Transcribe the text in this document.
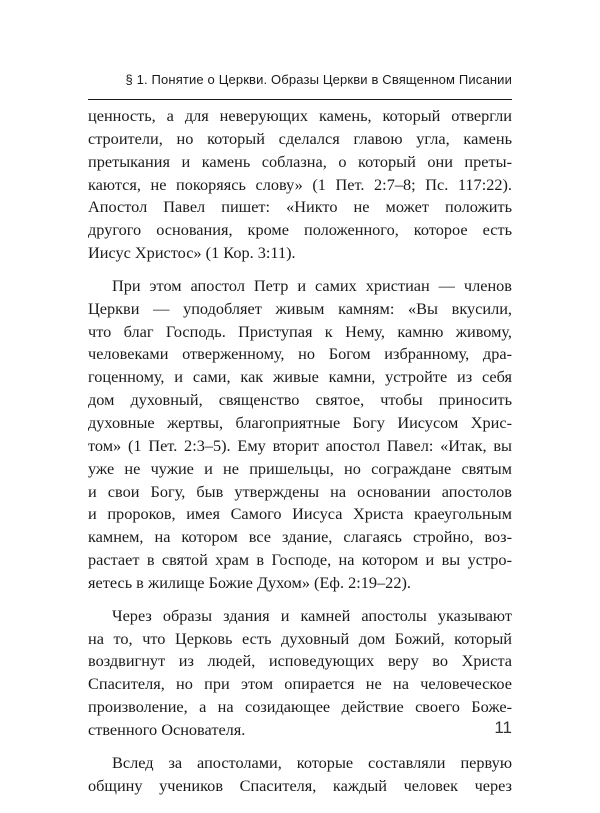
§ 1. Понятие о Церкви. Образы Церкви в Священном Писании
ценность, а для неверующих камень, который отвергли
строители, но который сделался главою угла, камень
претыкания и камень соблазна, о который они преты-
каются, не покоряясь слову» (1 Пет. 2:7–8; Пс. 117:22).
Апостол Павел пишет: «Никто не может положить
другого основания, кроме положенного, которое есть
Иисус Христос» (1 Кор. 3:11).
При этом апостол Петр и самих христиан — членов
Церкви — уподобляет живым камням: «Вы вкусили,
что благ Господь. Приступая к Нему, камню живому,
человеками отверженному, но Богом избранному, дра-
гоценному, и сами, как живые камни, устройте из себя
дом духовный, священство святое, чтобы приносить
духовные жертвы, благоприятные Богу Иисусом Хрис-
том» (1 Пет. 2:3–5). Ему вторит апостол Павел: «Итак, вы
уже не чужие и не пришельцы, но сограждане святым
и свои Богу, быв утверждены на основании апостолов
и пророков, имея Самого Иисуса Христа краеугольным
камнем, на котором все здание, слагаясь стройно, воз-
растает в святой храм в Господе, на котором и вы устро-
яетесь в жилище Божие Духом» (Еф. 2:19–22).
Через образы здания и камней апостолы указывают
на то, что Церковь есть духовный дом Божий, который
воздвигнут из людей, исповедующих веру во Христа
Спасителя, но при этом опирается не на человеческое
произволение, а на созидающее действие своего Боже-
ственного Основателя.
Вслед за апостолами, которые составляли первую
общину учеников Спасителя, каждый человек через
11
